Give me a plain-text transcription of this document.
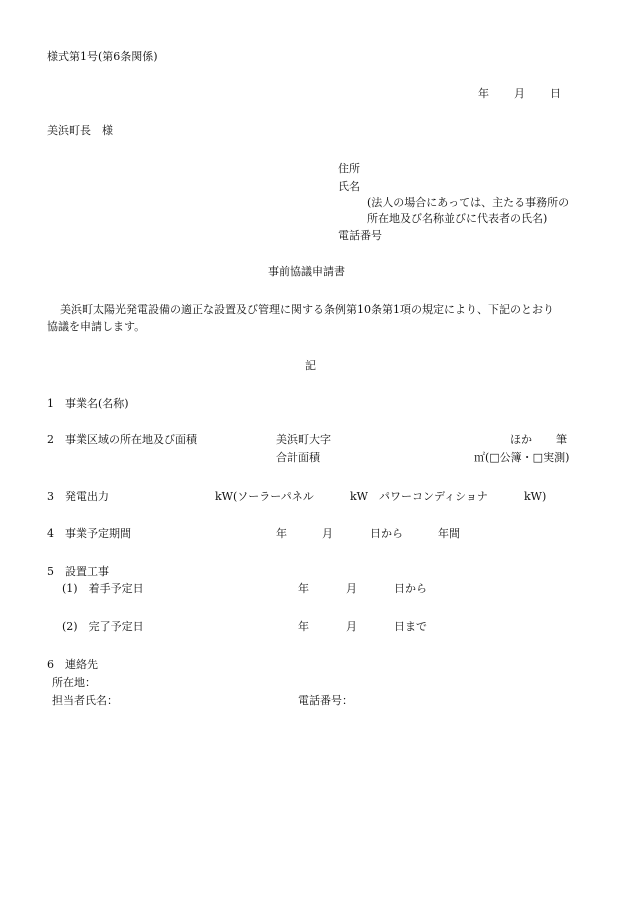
様式第1号(第6条関係)
年 月 日
美浜町長　様
住所
氏名
(法人の場合にあっては、主たる事務所の
所在地及び名称並びに代表者の氏名)
電話番号
事前協議申請書
美浜町太陽光発電設備の適正な設置及び管理に関する条例第10条第1項の規定により、下記のとおり
協議を申請します。
記
1　事業名(名称)
2　事業区域の所在地及び面積	美浜町大字	ほか 筆
合計面積	㎡(□公簿・□実測)
3　発電出力	kW(ソーラーパネル	kW　パワーコンディショナ	kW)
4　事業予定期間	年	月	日から	年間
5　設置工事
(1)　着手予定日	年	月	日から
(2)　完了予定日	年	月	日まで
6　連絡先
所在地：
担当者氏名：	電話番号：
